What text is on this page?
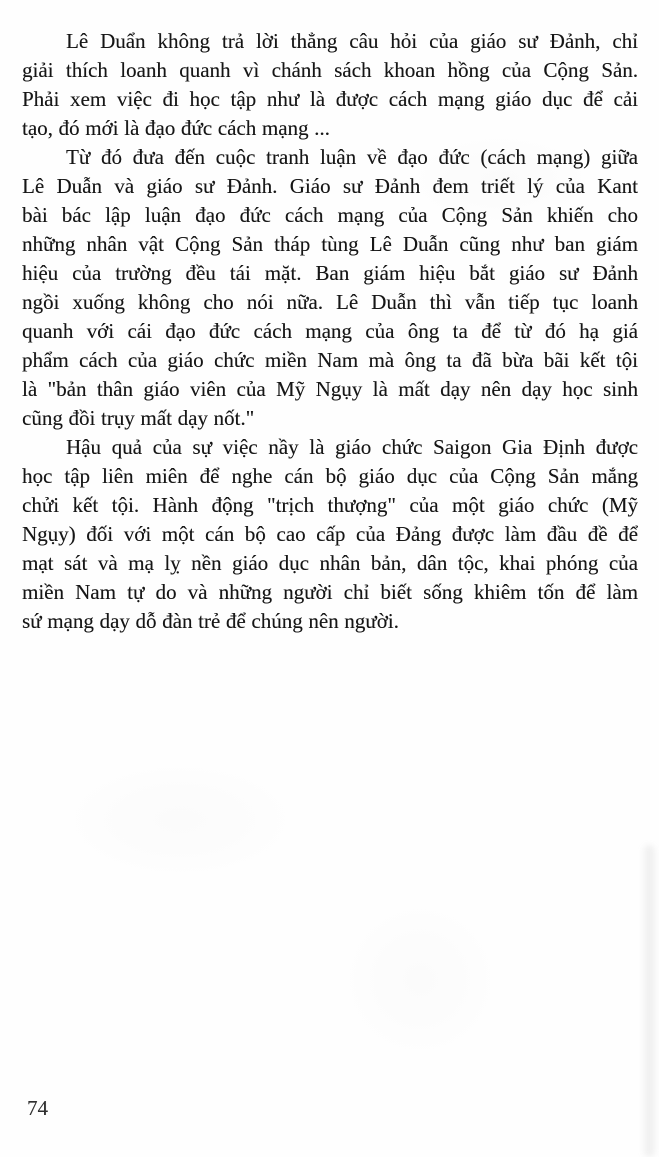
Lê Duẩn không trả lời thẳng câu hỏi của giáo sư Đảnh, chỉ
giải thích loanh quanh vì chánh sách khoan hồng của Cộng Sản.
Phải xem việc đi học tập như là được cách mạng giáo dục để cải
tạo, đó mới là đạo đức cách mạng ...
Từ đó đưa đến cuộc tranh luận về đạo đức (cách mạng) giữa
Lê Duẫn và giáo sư Đảnh. Giáo sư Đảnh đem triết lý của Kant
bài bác lập luận đạo đức cách mạng của Cộng Sản khiến cho
những nhân vật Cộng Sản tháp tùng Lê Duẫn cũng như ban giám
hiệu của trường đều tái mặt. Ban giám hiệu bắt giáo sư Đảnh
ngồi xuống không cho nói nữa. Lê Duẫn thì vẫn tiếp tục loanh
quanh với cái đạo đức cách mạng của ông ta để từ đó hạ giá
phẩm cách của giáo chức miền Nam mà ông ta đã bừa bãi kết tội
là "bản thân giáo viên của Mỹ Ngụy là mất dạy nên dạy học sinh
cũng đồi trụy mất dạy nốt."
Hậu quả của sự việc nầy là giáo chức Saigon Gia Định được
học tập liên miên để nghe cán bộ giáo dục của Cộng Sản mắng
chửi kết tội. Hành động "trịch thượng" của một giáo chức (Mỹ
Ngụy) đối với một cán bộ cao cấp của Đảng được làm đầu đề để
mạt sát và mạ lỵ nền giáo dục nhân bản, dân tộc, khai phóng của
miền Nam tự do và những người chỉ biết sống khiêm tốn để làm
sứ mạng dạy dỗ đàn trẻ để chúng nên người.
74
